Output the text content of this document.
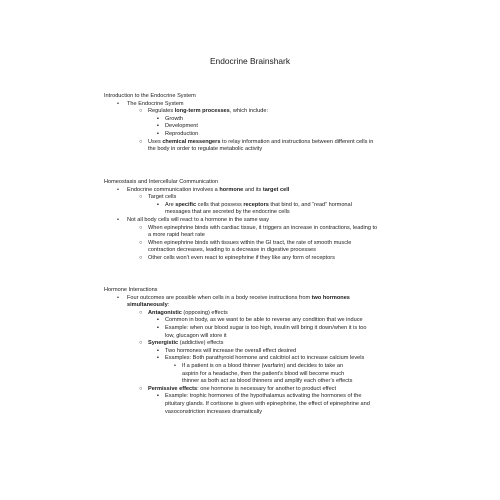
Endocrine Brainshark

Introduction to the Endocrine System

• The Endocrine System
○ Regulates long-term processes, which include:
▪ Growth
▪ Development
▪ Reproduction
○ Uses chemical messengers to relay information and instructions between different cells in the body in order to regulate metabolic activity

Homeostasis and Intercellular Communication

• Endocrine communication involves a hormone and its target cell
○ Target cells
▪ Are specific cells that possess receptors that bind to, and “read” hormonal messages that are secreted by the endocrine cells
• Not all body cells will react to a hormone in the same way
○ When epinephrine binds with cardiac tissue, it triggers an increase in contractions, leading to a more rapid heart rate
○ When epinephrine binds with tissues within the GI tract, the rate of smooth muscle contraction decreases, leading to a decrease in digestive processes
○ Other cells won’t even react to epinephrine if they like any form of receptors

Hormone Interactions

• Four outcomes are possible when cells in a body receive instructions from two hormones simultaneously:
○ Antagonistic (opposing) effects
▪ Common in body, as we want to be able to reverse any condition that we induce
▪ Example: when our blood sugar is too high, insulin will bring it down/when it is too low, glucagon will store it
○ Synergistic (addictive) effects
▪ Two hormones will increase the overall effect desired
▪ Examples: Both parathyroid hormone and calcitriol act to increase calcium levels
• If a patient is on a blood thinner (warfarin) and decides to take an aspirin for a headache, then the patient’s blood will become much thinner as both act as blood thinners and amplify each other’s effects
○ Permissive effects: one hormone is necessary for another to product effect
▪ Example: trophic hormones of the hypothalamus activating the hormones of the pituitary glands. If cortisone is given with epinephrine, the effect of epinephrine and vasoconstriction increases dramatically
